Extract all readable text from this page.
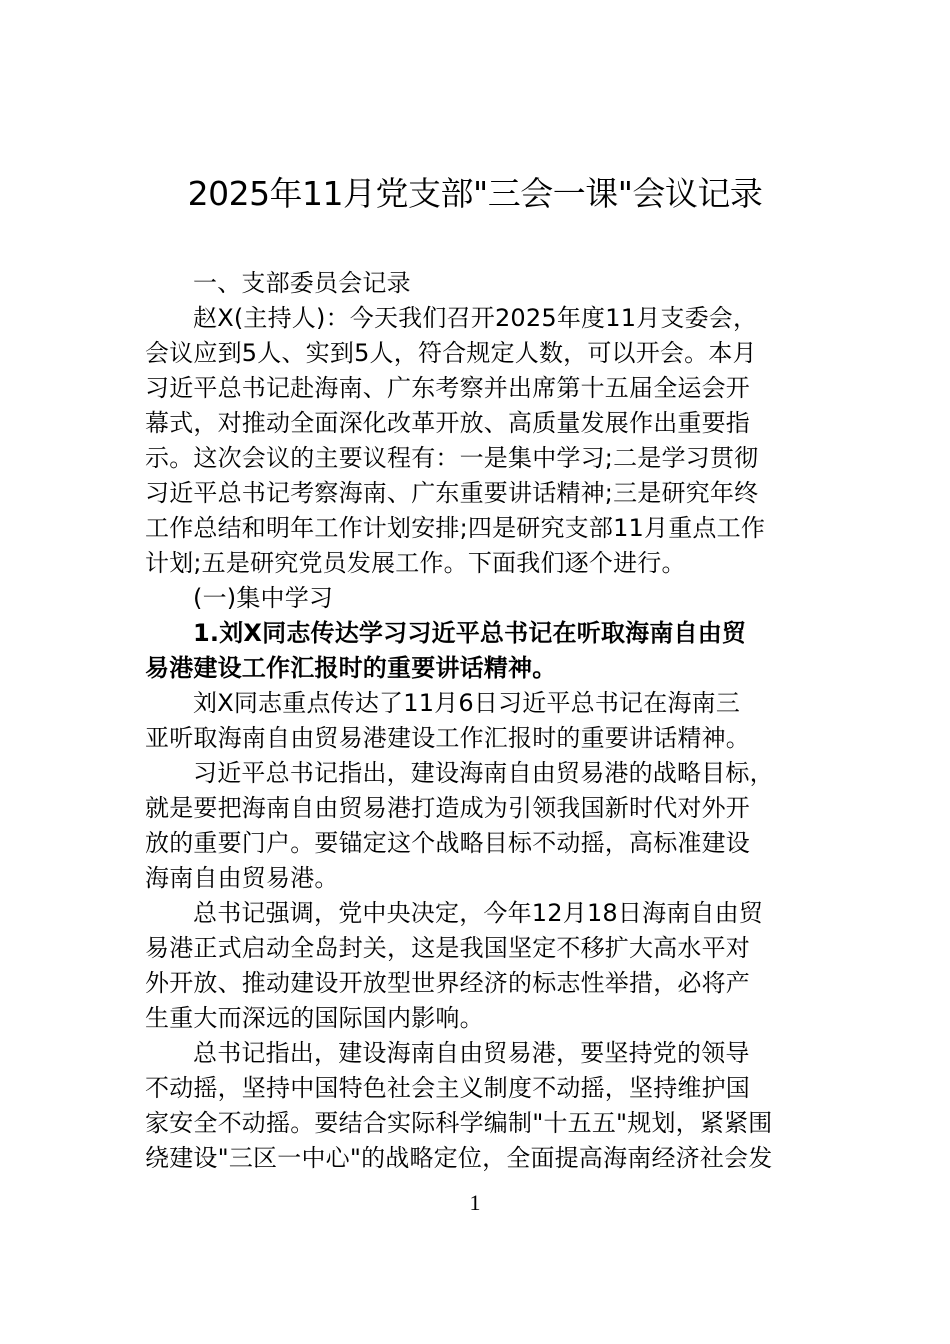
2025年11月党支部"三会一课"会议记录
一、支部委员会记录
赵X(主持人)：今天我们召开2025年度11月支委会，
会议应到5人、实到5人，符合规定人数，可以开会。本月
习近平总书记赴海南、广东考察并出席第十五届全运会开
幕式，对推动全面深化改革开放、高质量发展作出重要指
示。这次会议的主要议程有：一是集中学习;二是学习贯彻
习近平总书记考察海南、广东重要讲话精神;三是研究年终
工作总结和明年工作计划安排;四是研究支部11月重点工作
计划;五是研究党员发展工作。下面我们逐个进行。
(一)集中学习
1.刘X同志传达学习习近平总书记在听取海南自由贸
易港建设工作汇报时的重要讲话精神。
刘X同志重点传达了11月6日习近平总书记在海南三
亚听取海南自由贸易港建设工作汇报时的重要讲话精神。
习近平总书记指出，建设海南自由贸易港的战略目标，
就是要把海南自由贸易港打造成为引领我国新时代对外开
放的重要门户。要锚定这个战略目标不动摇，高标准建设
海南自由贸易港。
总书记强调，党中央决定，今年12月18日海南自由贸
易港正式启动全岛封关，这是我国坚定不移扩大高水平对
外开放、推动建设开放型世界经济的标志性举措，必将产
生重大而深远的国际国内影响。
总书记指出，建设海南自由贸易港，要坚持党的领导
不动摇，坚持中国特色社会主义制度不动摇，坚持维护国
家安全不动摇。要结合实际科学编制"十五五"规划，紧紧围
绕建设"三区一中心"的战略定位，全面提高海南经济社会发
1
